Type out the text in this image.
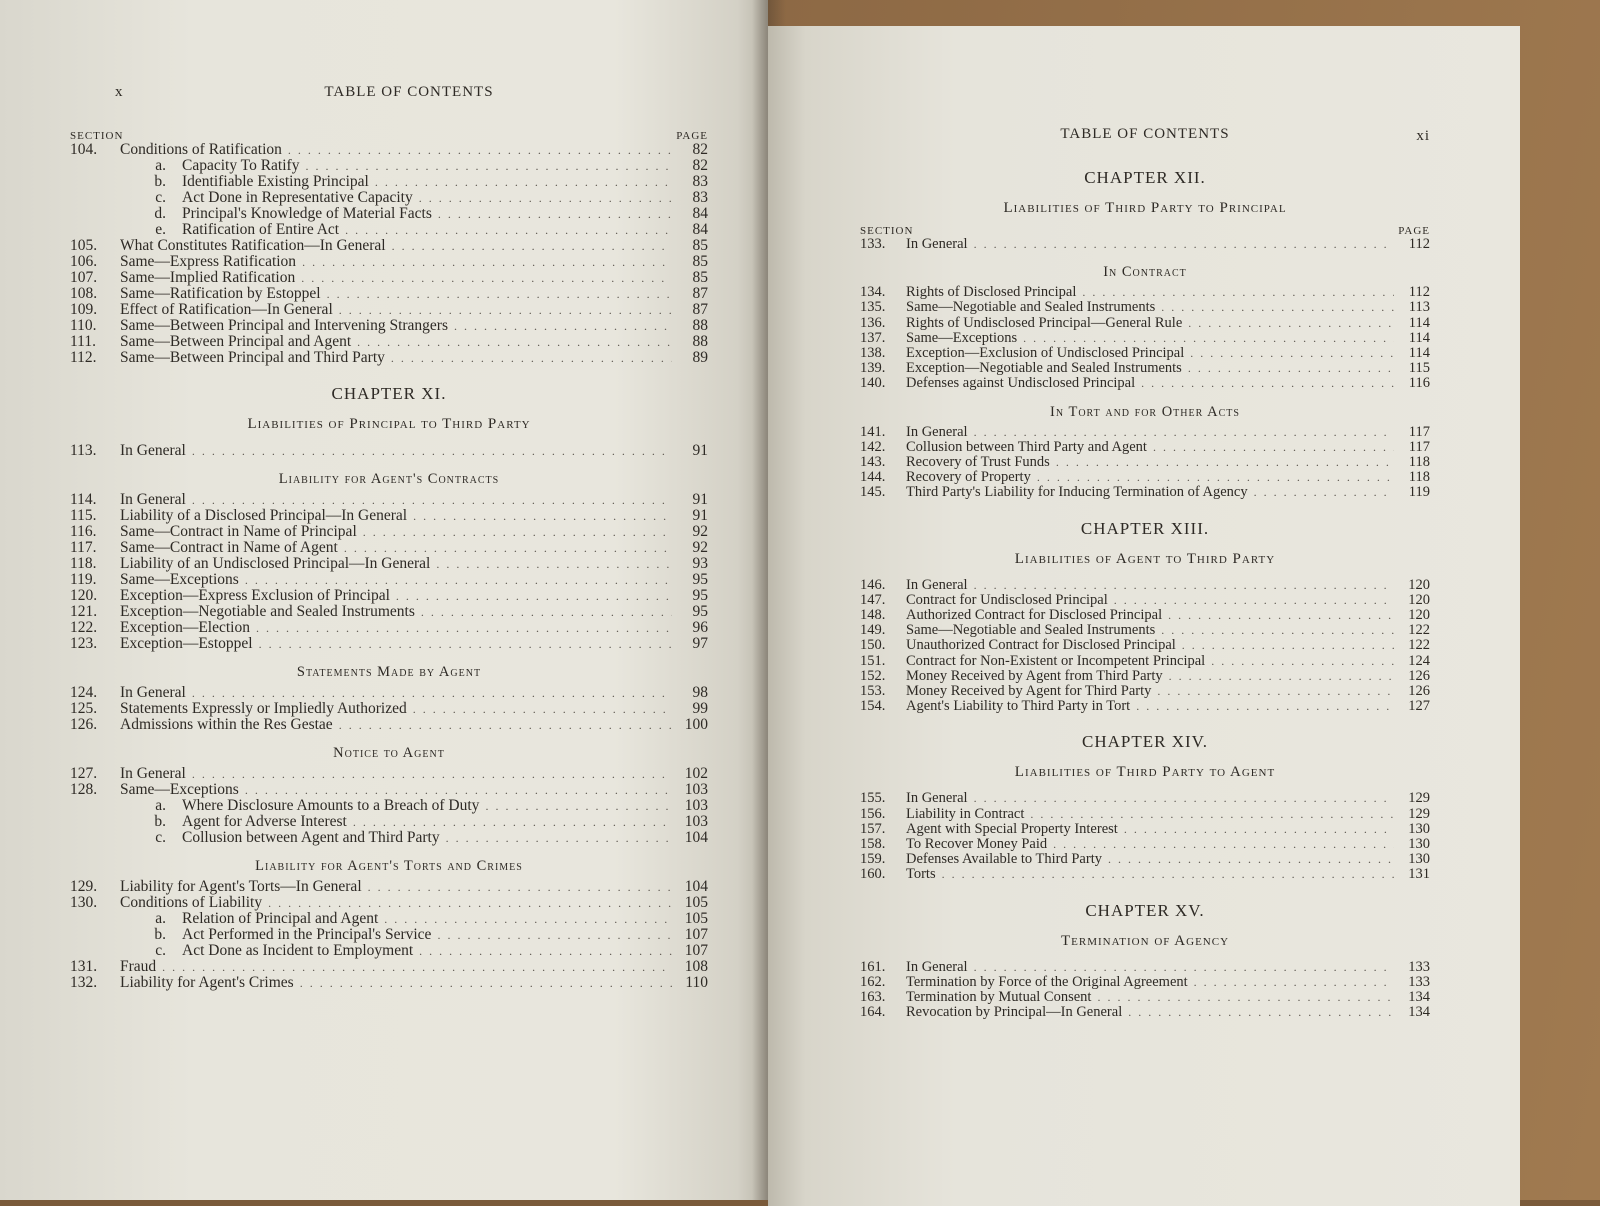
x	TABLE OF CONTENTS
SECTION	PAGE
104.	Conditions of Ratification . . .	82
a.	Capacity To Ratify . . .	82
b.	Identifiable Existing Principal . . .	83
c.	Act Done in Representative Capacity . . .	83
d.	Principal's Knowledge of Material Facts . . .	84
e.	Ratification of Entire Act . . .	84
105.	What Constitutes Ratification—In General . . .	85
106.	Same—Express Ratification . . .	85
107.	Same—Implied Ratification . . .	85
108.	Same—Ratification by Estoppel . . .	87
109.	Effect of Ratification—In General . . .	87
110.	Same—Between Principal and Intervening Strangers . . .	88
111.	Same—Between Principal and Agent . . .	88
112.	Same—Between Principal and Third Party . . .	89
CHAPTER XI.
Liabilities of Principal to Third Party
113.	In General . . .	91
Liability for Agent's Contracts
114.	In General . . .	91
115.	Liability of a Disclosed Principal—In General . . .	91
116.	Same—Contract in Name of Principal . . .	92
117.	Same—Contract in Name of Agent . . .	92
118.	Liability of an Undisclosed Principal—In General . . .	93
119.	Same—Exceptions . . .	95
120.	Exception—Express Exclusion of Principal . . .	95
121.	Exception—Negotiable and Sealed Instruments . . .	95
122.	Exception—Election . . .	96
123.	Exception—Estoppel . . .	97
Statements Made by Agent
124.	In General . . .	98
125.	Statements Expressly or Impliedly Authorized . . .	99
126.	Admissions within the Res Gestae . . .	100
Notice to Agent
127.	In General . . .	102
128.	Same—Exceptions . . .	103
a.	Where Disclosure Amounts to a Breach of Duty . . .	103
b.	Agent for Adverse Interest . . .	103
c.	Collusion between Agent and Third Party . . .	104
Liability for Agent's Torts and Crimes
129.	Liability for Agent's Torts—In General . . .	104
130.	Conditions of Liability . . .	105
a.	Relation of Principal and Agent . . .	105
b.	Act Performed in the Principal's Service . . .	107
c.	Act Done as Incident to Employment . . .	107
131.	Fraud . . .	108
132.	Liability for Agent's Crimes . . .	110
TABLE OF CONTENTS	xi
CHAPTER XII.
Liabilities of Third Party to Principal
SECTION	PAGE
133.	In General . . .	112
In Contract
134.	Rights of Disclosed Principal . . .	112
135.	Same—Negotiable and Sealed Instruments . . .	113
136.	Rights of Undisclosed Principal—General Rule . . .	114
137.	Same—Exceptions . . .	114
138.	Exception—Exclusion of Undisclosed Principal . . .	114
139.	Exception—Negotiable and Sealed Instruments . . .	115
140.	Defenses against Undisclosed Principal . . .	116
In Tort and for Other Acts
141.	In General . . .	117
142.	Collusion between Third Party and Agent . . .	117
143.	Recovery of Trust Funds . . .	118
144.	Recovery of Property . . .	118
145.	Third Party's Liability for Inducing Termination of Agency . . .	119
CHAPTER XIII.
Liabilities of Agent to Third Party
146.	In General . . .	120
147.	Contract for Undisclosed Principal . . .	120
148.	Authorized Contract for Disclosed Principal . . .	120
149.	Same—Negotiable and Sealed Instruments . . .	122
150.	Unauthorized Contract for Disclosed Principal . . .	122
151.	Contract for Non-Existent or Incompetent Principal . . .	124
152.	Money Received by Agent from Third Party . . .	126
153.	Money Received by Agent for Third Party . . .	126
154.	Agent's Liability to Third Party in Tort . . .	127
CHAPTER XIV.
Liabilities of Third Party to Agent
155.	In General . . .	129
156.	Liability in Contract . . .	129
157.	Agent with Special Property Interest . . .	130
158.	To Recover Money Paid . . .	130
159.	Defenses Available to Third Party . . .	130
160.	Torts . . .	131
CHAPTER XV.
Termination of Agency
161.	In General . . .	133
162.	Termination by Force of the Original Agreement . . .	133
163.	Termination by Mutual Consent . . .	134
164.	Revocation by Principal—In General . . .	134
